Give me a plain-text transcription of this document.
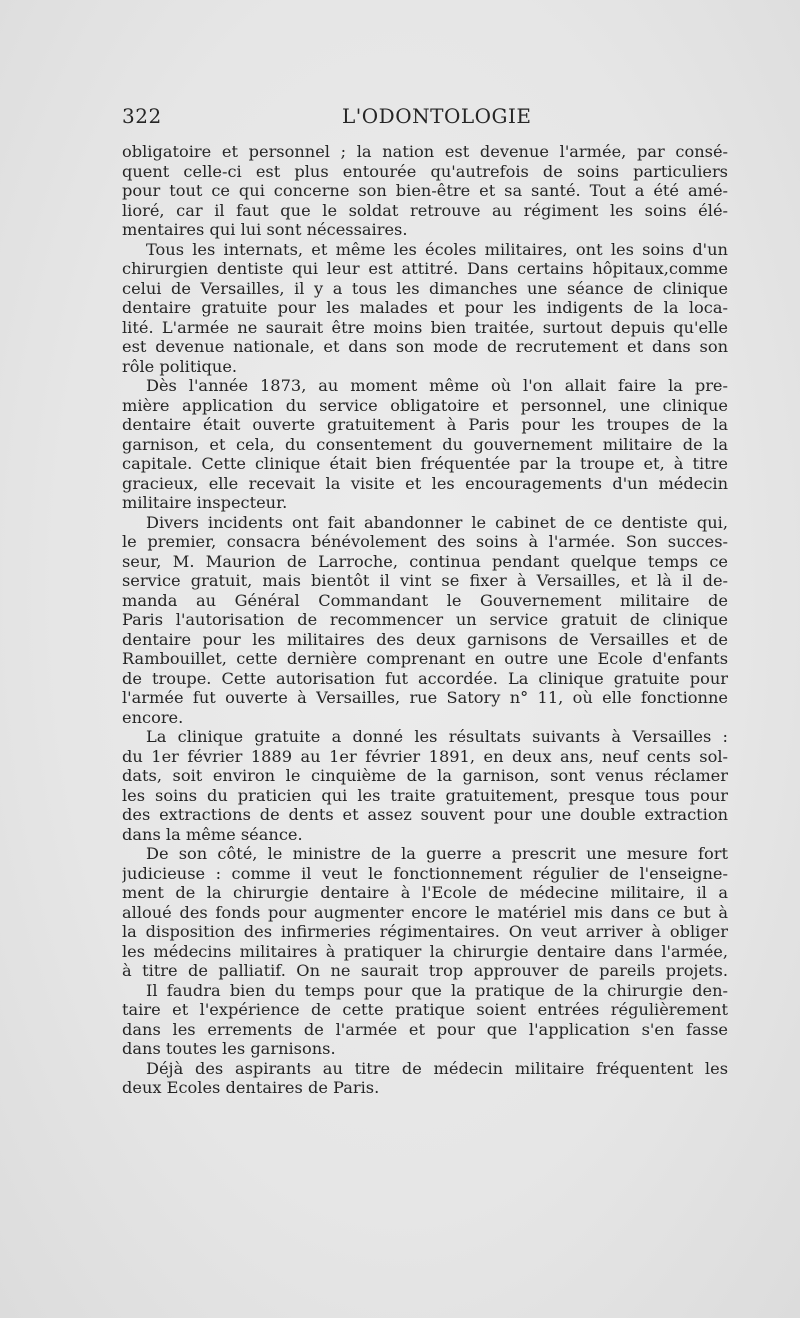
322	L'ODONTOLOGIE
obligatoire et personnel ; la nation est devenue l'armée, par consé-
quent celle-ci est plus entourée qu'autrefois de soins particuliers
pour tout ce qui concerne son bien-être et sa santé. Tout a été amé-
lioré, car il faut que le soldat retrouve au régiment les soins élé-
mentaires qui lui sont nécessaires.
Tous les internats, et même les écoles militaires, ont les soins d'un
chirurgien dentiste qui leur est attitré. Dans certains hôpitaux,comme
celui de Versailles, il y a tous les dimanches une séance de clinique
dentaire gratuite pour les malades et pour les indigents de la loca-
lité. L'armée ne saurait être moins bien traitée, surtout depuis qu'elle
est devenue nationale, et dans son mode de recrutement et dans son
rôle politique.
Dès l'année 1873, au moment même où l'on allait faire la pre-
mière application du service obligatoire et personnel, une clinique
dentaire était ouverte gratuitement à Paris pour les troupes de la
garnison, et cela, du consentement du gouvernement militaire de la
capitale. Cette clinique était bien fréquentée par la troupe et, à titre
gracieux, elle recevait la visite et les encouragements d'un médecin
militaire inspecteur.
Divers incidents ont fait abandonner le cabinet de ce dentiste qui,
le premier, consacra bénévolement des soins à l'armée. Son succes-
seur, M. Maurion de Larroche, continua pendant quelque temps ce
service gratuit, mais bientôt il vint se fixer à Versailles, et là il de-
manda au Général Commandant le Gouvernement militaire de
Paris l'autorisation de recommencer un service gratuit de clinique
dentaire pour les militaires des deux garnisons de Versailles et de
Rambouillet, cette dernière comprenant en outre une Ecole d'enfants
de troupe. Cette autorisation fut accordée. La clinique gratuite pour
l'armée fut ouverte à Versailles, rue Satory n° 11, où elle fonctionne
encore.
La clinique gratuite a donné les résultats suivants à Versailles :
du 1er février 1889 au 1er février 1891, en deux ans, neuf cents sol-
dats, soit environ le cinquième de la garnison, sont venus réclamer
les soins du praticien qui les traite gratuitement, presque tous pour
des extractions de dents et assez souvent pour une double extraction
dans la même séance.
De son côté, le ministre de la guerre a prescrit une mesure fort
judicieuse : comme il veut le fonctionnement régulier de l'enseigne-
ment de la chirurgie dentaire à l'Ecole de médecine militaire, il a
alloué des fonds pour augmenter encore le matériel mis dans ce but à
la disposition des infirmeries régimentaires. On veut arriver à obliger
les médecins militaires à pratiquer la chirurgie dentaire dans l'armée,
à titre de palliatif. On ne saurait trop approuver de pareils projets.
Il faudra bien du temps pour que la pratique de la chirurgie den-
taire et l'expérience de cette pratique soient entrées régulièrement
dans les errements de l'armée et pour que l'application s'en fasse
dans toutes les garnisons.
Déjà des aspirants au titre de médecin militaire fréquentent les
deux Ecoles dentaires de Paris.
